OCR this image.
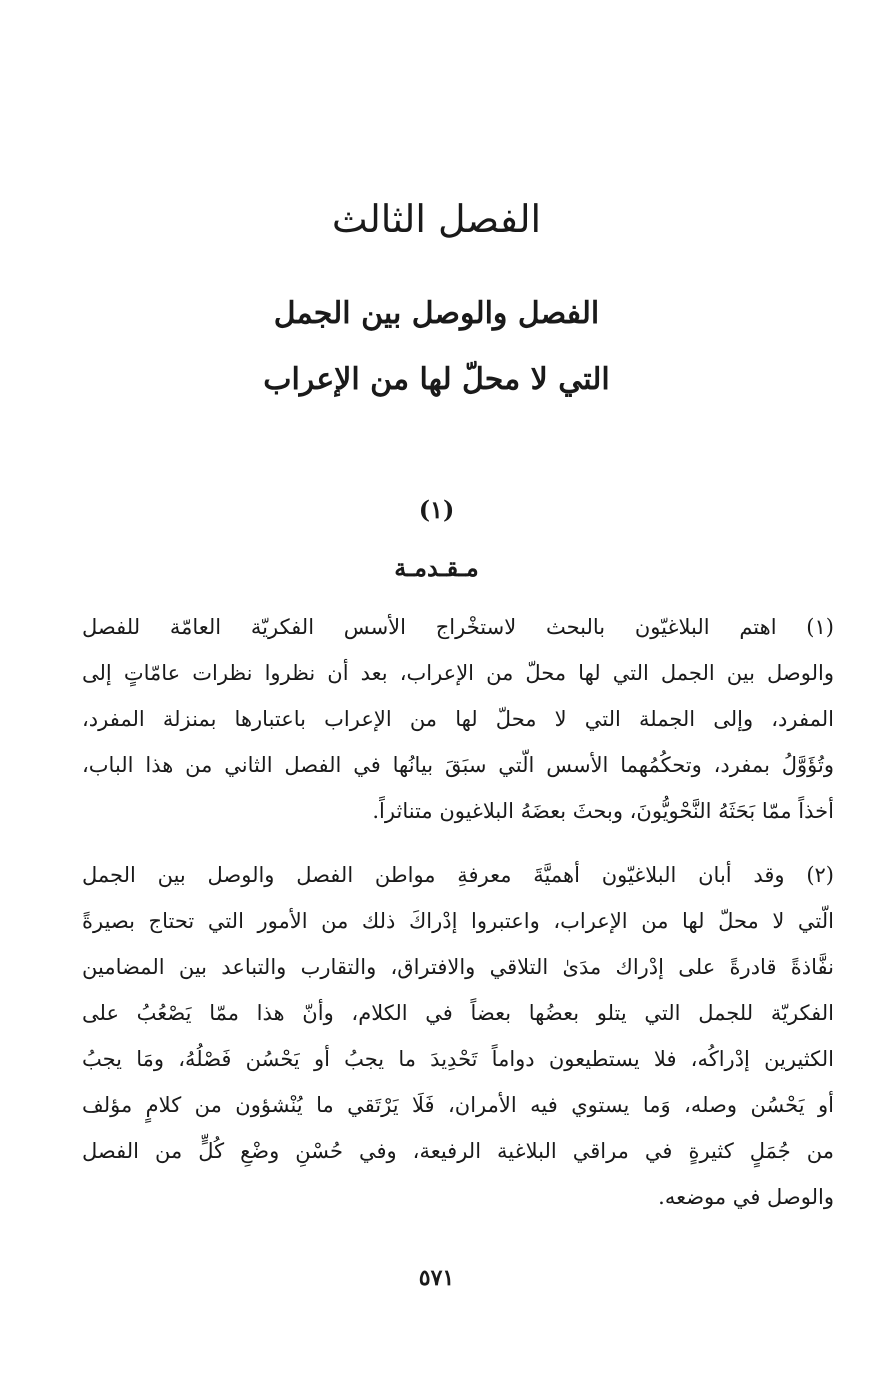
الفصل الثالث
الفصل والوصل بين الجمل
التي لا محلّ لها من الإعراب
(١)
مـقـدمـة
(١) اهتم البلاغيّون بالبحث لاستخْراج الأسس الفكريّة العامّة للفصل
والوصل بين الجمل التي لها محلّ من الإعراب، بعد أن نظروا نظرات عامّاتٍ إلى
المفرد، وإلى الجملة التي لا محلّ لها من الإعراب باعتبارها بمنزلة المفرد،
وتُؤَوَّلُ بمفرد، وتحكُمُهما الأسس الّتي سبَقَ بيانُها في الفصل الثاني من هذا الباب،
أخذاً ممّا بَحَثَهُ النَّحْويُّونَ، وبحثَ بعضَهُ البلاغيون متناثراً.
(٢) وقد أبان البلاغيّون أهميَّةَ معرفةِ مواطن الفصل والوصل بين الجمل
الّتي لا محلّ لها من الإعراب، واعتبروا إدْراكَ ذلك من الأمور التي تحتاج بصيرةً
نفَّاذةً قادرةً على إدْراك مدَىٰ التلاقي والافتراق، والتقارب والتباعد بين المضامين
الفكريّة للجمل التي يتلو بعضُها بعضاً في الكلام، وأنّ هذا ممّا يَصْعُبُ على
الكثيرين إدْراكُه، فلا يستطيعون دواماً تَحْدِيدَ ما يجبُ أو يَحْسُن فَصْلُهُ، ومَا يجبُ
أو يَحْسُن وصله، وَما يستوي فيه الأمران، فَلَا يَرْتَقي ما يُنْشؤون من كلامٍ مؤلف
من جُمَلٍ كثيرةٍ في مراقي البلاغية الرفيعة، وفي حُسْنِ وضْعِ كُلٍّ من الفصل
والوصل في موضعه.
٥٧١
